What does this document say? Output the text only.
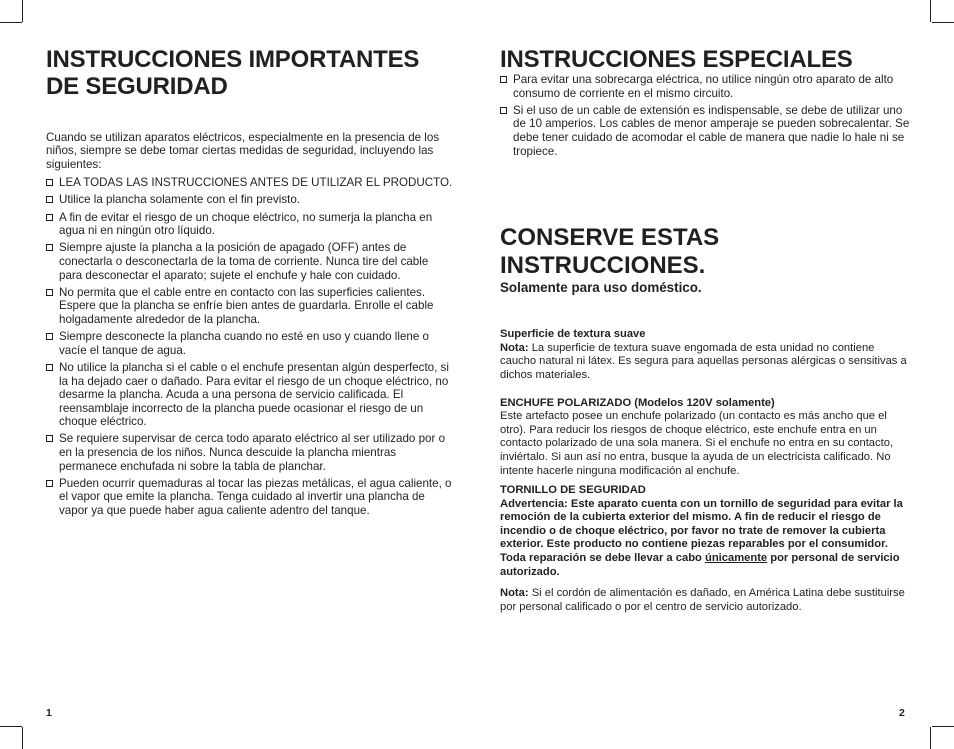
INSTRUCCIONES IMPORTANTES
DE SEGURIDAD

Cuando se utilizan aparatos eléctricos, especialmente en la presencia de los niños, siempre se debe tomar ciertas medidas de seguridad, incluyendo las siguientes:

LEA TODAS LAS INSTRUCCIONES ANTES DE UTILIZAR EL PRODUCTO.
Utilice la plancha solamente con el fin previsto.
A fin de evitar el riesgo de un choque eléctrico, no sumerja la plancha en agua ni en ningún otro líquido.
Siempre ajuste la plancha a la posición de apagado (OFF) antes de conectarla o desconectarla de la toma de corriente. Nunca tire del cable para desconectar el aparato; sujete el enchufe y hale con cuidado.
No permita que el cable entre en contacto con las superficies calientes. Espere que la plancha se enfríe bien antes de guardarla. Enrolle el cable holgadamente alrededor de la plancha.
Siempre desconecte la plancha cuando no esté en uso y cuando llene o vacíe el tanque de agua.
No utilice la plancha si el cable o el enchufe presentan algún desperfecto, si la ha dejado caer o dañado. Para evitar el riesgo de un choque eléctrico, no desarme la plancha. Acuda a una persona de servicio calificada. El reensamblaje incorrecto de la plancha puede ocasionar el riesgo de un choque eléctrico.
Se requiere supervisar de cerca todo aparato eléctrico al ser utilizado por o en la presencia de los niños. Nunca descuide la plancha mientras permanece enchufada ni sobre la tabla de planchar.
Pueden ocurrir quemaduras al tocar las piezas metálicas, el agua caliente, o el vapor que emite la plancha. Tenga cuidado al invertir una plancha de vapor ya que puede haber agua caliente adentro del tanque.
1
INSTRUCCIONES ESPECIALES
Para evitar una sobrecarga eléctrica, no utilice ningún otro aparato de alto consumo de corriente en el mismo circuito.
Si el uso de un cable de extensión es indispensable, se debe de utilizar uno de 10 amperios. Los cables de menor amperaje se pueden sobrecalentar. Se debe tener cuidado de acomodar el cable de manera que nadie lo hale ni se tropiece.
CONSERVE ESTAS
INSTRUCCIONES.

Solamente para uso doméstico.

Superficie de textura suave

Nota: La superficie de textura suave engomada de esta unidad no contiene caucho natural ni látex. Es segura para aquellas personas alérgicas o sensitivas a dichos materiales.

ENCHUFE POLARIZADO (Modelos 120V solamente)

Este artefacto posee un enchufe polarizado (un contacto es más ancho que el otro). Para reducir los riesgos de choque eléctrico, este enchufe entra en un contacto polarizado de una sola manera. Si el enchufe no entra en su contacto, inviértalo. Si aun así no entra, busque la ayuda de un electricista calificado. No intente hacerle ninguna modificación al enchufe.

TORNILLO DE SEGURIDAD

Advertencia: Este aparato cuenta con un tornillo de seguridad para evitar la remoción de la cubierta exterior del mismo. A fin de reducir el riesgo de incendio o de choque eléctrico, por favor no trate de remover la cubierta exterior. Este producto no contiene piezas reparables por el consumidor. Toda reparación se debe llevar a cabo únicamente por personal de servicio autorizado.

Nota: Si el cordón de alimentación es dañado, en América Latina debe sustituirse por personal calificado o por el centro de servicio autorizado.

2
